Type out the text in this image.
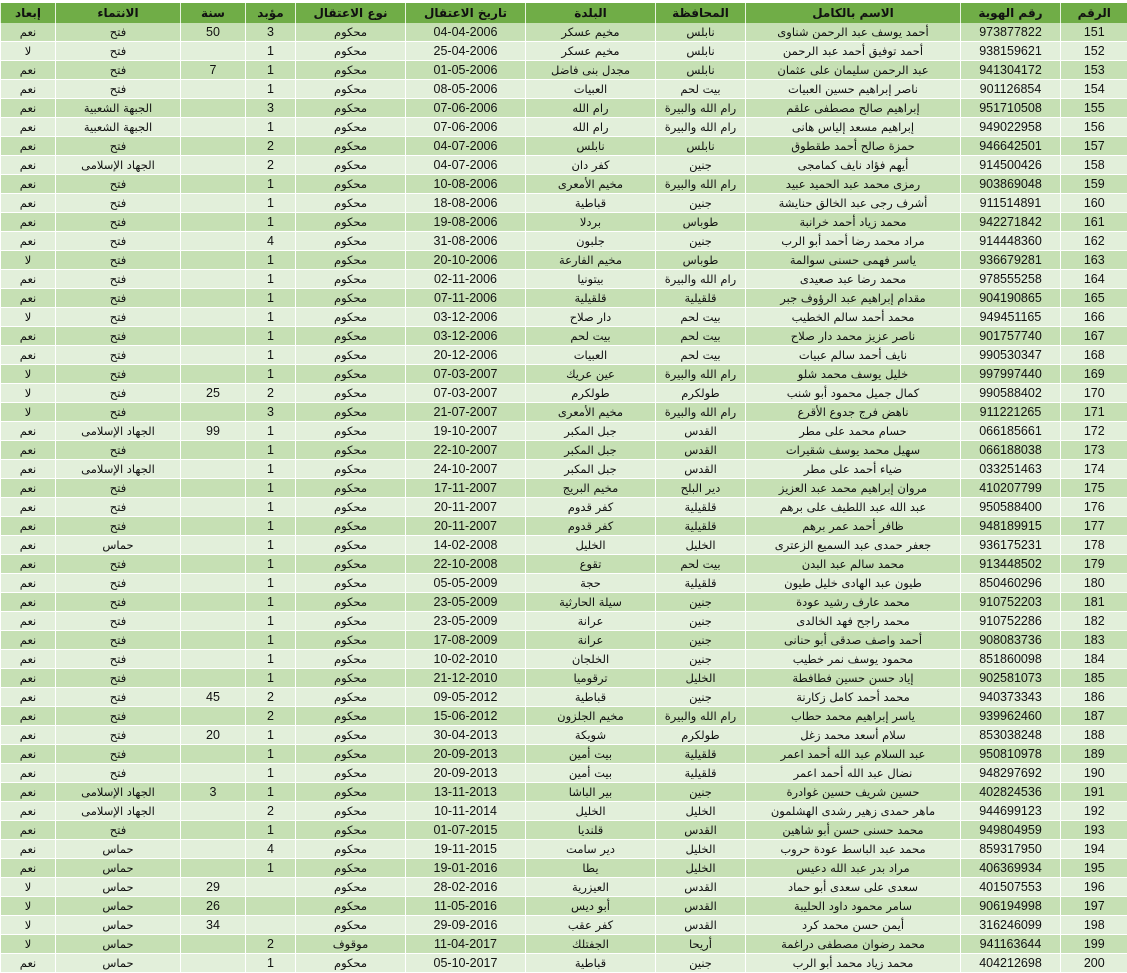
الرقم	رقم الهوية	الاسم بالكامل	المحافظة	البلدة	تاريخ الاعتقال	نوع الاعتقال	مؤبد	سنة	الانتماء	إبعاد
151	973877822	أحمد يوسف عبد الرحمن شناوى	نابلس	مخيم عسكر	04-04-2006	محكوم	3	50	فتح	نعم
152	938159621	أحمد توفيق أحمد عبد الرحمن	نابلس	مخيم عسكر	25-04-2006	محكوم	1		فتح	لا
153	941304172	عبد الرحمن سليمان على عثمان	نابلس	مجدل بنى فاضل	01-05-2006	محكوم	1	7	فتح	نعم
154	901126854	ناصر إبراهيم حسين العبيات	بيت لحم	العبيات	08-05-2006	محكوم	1		فتح	نعم
155	951710508	إبراهيم صالح مصطفى علقم	رام الله والبيرة	رام الله	07-06-2006	محكوم	3		الجبهة الشعبية	نعم
156	949022958	إبراهيم مسعد إلياس هانى	رام الله والبيرة	رام الله	07-06-2006	محكوم	1		الجبهة الشعبية	نعم
157	946642501	حمزة صالح أحمد طقطوق	نابلس	نابلس	04-07-2006	محكوم	2		فتح	نعم
158	914500426	أيهم فؤاد نايف كمامجى	جنين	كفر دان	04-07-2006	محكوم	2		الجهاد الإسلامى	نعم
159	903869048	رمزى محمد عبد الحميد عبيد	رام الله والبيرة	مخيم الأمعرى	10-08-2006	محكوم	1		فتح	نعم
160	911514891	أشرف رجى عبد الخالق حنايشة	جنين	قباطية	18-08-2006	محكوم	1		فتح	نعم
161	942271842	محمد زياد أحمد خرانبة	طوباس	بردلا	19-08-2006	محكوم	1		فتح	نعم
162	914448360	مراد محمد رضا أحمد أبو الرب	جنين	جلبون	31-08-2006	محكوم	4		فتح	نعم
163	936679281	ياسر فهمى حسنى سوالمة	طوباس	مخيم الفارعة	20-10-2006	محكوم	1		فتح	لا
164	978555258	محمد رضا عبد صعيدى	رام الله والبيرة	بيتونيا	02-11-2006	محكوم	1		فتح	نعم
165	904190865	مقدام إبراهيم عبد الرؤوف جبر	قلقيلية	قلقيلية	07-11-2006	محكوم	1		فتح	نعم
166	949451165	محمد أحمد سالم الخطيب	بيت لحم	دار صلاح	03-12-2006	محكوم	1		فتح	لا
167	901757740	ناصر عزيز محمد دار صلاح	بيت لحم	بيت لحم	03-12-2006	محكوم	1		فتح	نعم
168	990530347	نايف أحمد سالم عبيات	بيت لحم	العبيات	20-12-2006	محكوم	1		فتح	نعم
169	997997440	خليل يوسف محمد شلو	رام الله والبيرة	عين عريك	07-03-2007	محكوم	1		فتح	لا
170	990588402	كمال جميل محمود أبو شنب	طولكرم	طولكرم	07-03-2007	محكوم	2	25	فتح	لا
171	911221265	ناهض فرج جدوع الأقرع	رام الله والبيرة	مخيم الأمعرى	21-07-2007	محكوم	3		فتح	لا
172	066185661	حسام محمد على مطر	القدس	جبل المكبر	19-10-2007	محكوم	1	99	الجهاد الإسلامى	نعم
173	066188038	سهيل محمد يوسف شقيرات	القدس	جبل المكبر	22-10-2007	محكوم	1		فتح	نعم
174	033251463	ضياء أحمد على مطر	القدس	جبل المكبر	24-10-2007	محكوم	1		الجهاد الإسلامى	نعم
175	410207799	مروان إبراهيم محمد عبد العزيز	دير البلح	مخيم البريج	17-11-2007	محكوم	1		فتح	نعم
176	950588400	عبد الله عبد اللطيف على برهم	قلقيلية	كفر قدوم	20-11-2007	محكوم	1		فتح	نعم
177	948189915	ظافر أحمد عمر برهم	قلقيلية	كفر قدوم	20-11-2007	محكوم	1		فتح	نعم
178	936175231	جعفر حمدى عبد السميع الزعترى	الخليل	الخليل	14-02-2008	محكوم	1		حماس	نعم
179	913448502	محمد سالم عبد البدن	بيت لحم	تقوع	22-10-2008	محكوم	1		فتح	نعم
180	850460296	طيون عبد الهادى خليل طيون	قلقيلية	حجة	05-05-2009	محكوم	1		فتح	نعم
181	910752203	محمد عارف رشيد عودة	جنين	سيلة الحارثية	23-05-2009	محكوم	1		فتح	نعم
182	910752286	محمد راجح فهد الخالدى	جنين	عرانة	23-05-2009	محكوم	1		فتح	نعم
183	908083736	أحمد واصف صدقى أبو حنانى	جنين	عرانة	17-08-2009	محكوم	1		فتح	نعم
184	851860098	محمود يوسف نمر خطيب	جنين	الخلجان	10-02-2010	محكوم	1		فتح	نعم
185	902581073	إياد حسن حسين فطافطة	الخليل	ترقوميا	21-12-2010	محكوم	1		فتح	نعم
186	940373343	محمد أحمد كامل زكارنة	جنين	قباطية	09-05-2012	محكوم	2	45	فتح	نعم
187	939962460	ياسر إبراهيم محمد حطاب	رام الله والبيرة	مخيم الجلزون	15-06-2012	محكوم	2		فتح	نعم
188	853038248	سلام أسعد محمد زغل	طولكرم	شويكة	30-04-2013	محكوم	1	20	فتح	نعم
189	950810978	عبد السلام عبد الله أحمد اعمر	قلقيلية	بيت أمين	20-09-2013	محكوم	1		فتح	نعم
190	948297692	نضال عبد الله أحمد اعمر	قلقيلية	بيت أمين	20-09-2013	محكوم	1		فتح	نعم
191	402824536	حسين شريف حسين غوادرة	جنين	بير الباشا	13-11-2013	محكوم	1	3	الجهاد الإسلامى	نعم
192	944699123	ماهر حمدى زهير رشدى الهشلمون	الخليل	الخليل	10-11-2014	محكوم	2		الجهاد الإسلامى	نعم
193	949804959	محمد حسنى حسن أبو شاهين	القدس	قلنديا	01-07-2015	محكوم	1		فتح	نعم
194	859317950	محمد عبد الباسط عودة حروب	الخليل	دير سامت	19-11-2015	محكوم	4		حماس	نعم
195	406369934	مراد بدر عبد الله دعيس	الخليل	يطا	19-01-2016	محكوم	1		حماس	نعم
196	401507553	سعدى على سعدى أبو حماد	القدس	العيزرية	28-02-2016	محكوم		29	حماس	لا
197	906194998	سامر محمود داود الحليبة	القدس	أبو ديس	11-05-2016	محكوم		26	حماس	لا
198	316246099	أيمن حسن محمد كرد	القدس	كفر عقب	29-09-2016	محكوم		34	حماس	لا
199	941163644	محمد رضوان مصطفى دراغمة	أريحا	الجفتلك	11-04-2017	موقوف	2		حماس	لا
200	404212698	محمد زياد محمد أبو الرب	جنين	قباطية	05-10-2017	محكوم	1		حماس	نعم
